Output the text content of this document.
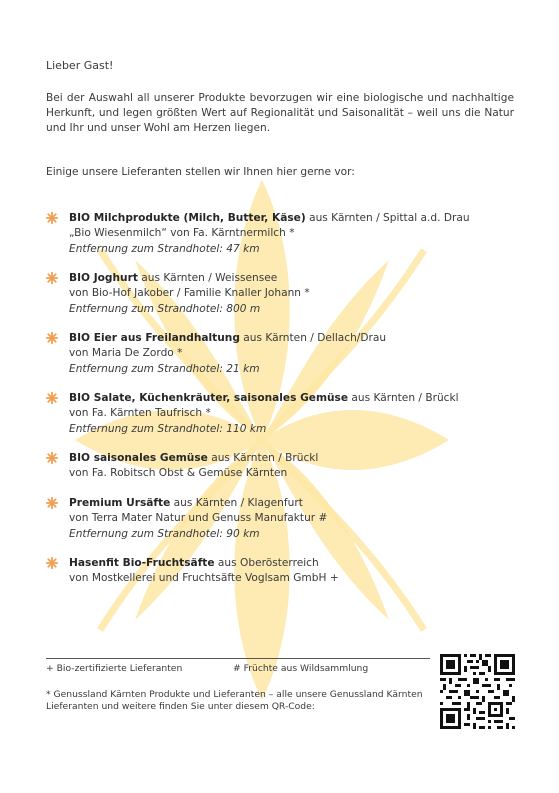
Lieber Gast!
Bei der Auswahl all unserer Produkte bevorzugen wir eine biologische und nachhaltige Herkunft, und legen größten Wert auf Regionalität und Saisonalität – weil uns die Natur und Ihr und unser Wohl am Herzen liegen.
Einige unsere Lieferanten stellen wir Ihnen hier gerne vor:
BIO Milchprodukte (Milch, Butter, Käse) aus Kärnten / Spittal a.d. Drau
„Bio Wiesenmilch“ von Fa. Kärntnermilch *
Entfernung zum Strandhotel: 47 km
BIO Joghurt aus Kärnten / Weissensee
von Bio-Hof Jakober / Familie Knaller Johann *
Entfernung zum Strandhotel: 800 m
BIO Eier aus Freilandhaltung aus Kärnten / Dellach/Drau
von Maria De Zordo *
Entfernung zum Strandhotel: 21 km
BIO Salate, Küchenkräuter, saisonales Gemüse aus Kärnten / Brückl
von Fa. Kärnten Taufrisch *
Entfernung zum Strandhotel: 110 km
BIO saisonales Gemüse aus Kärnten / Brückl
von Fa. Robitsch Obst & Gemüse Kärnten
Premium Ursäfte aus Kärnten / Klagenfurt
von Terra Mater Natur und Genuss Manufaktur #
Entfernung zum Strandhotel: 90 km
Hasenfit Bio-Fruchtsäfte aus Oberösterreich
von Mostkellerei und Fruchtsäfte Voglsam GmbH +
+ Bio-zertifizierte Lieferanten	# Früchte aus Wildsammlung
* Genussland Kärnten Produkte und Lieferanten – alle unsere Genussland Kärnten Lieferanten und weitere finden Sie unter diesem QR-Code:
